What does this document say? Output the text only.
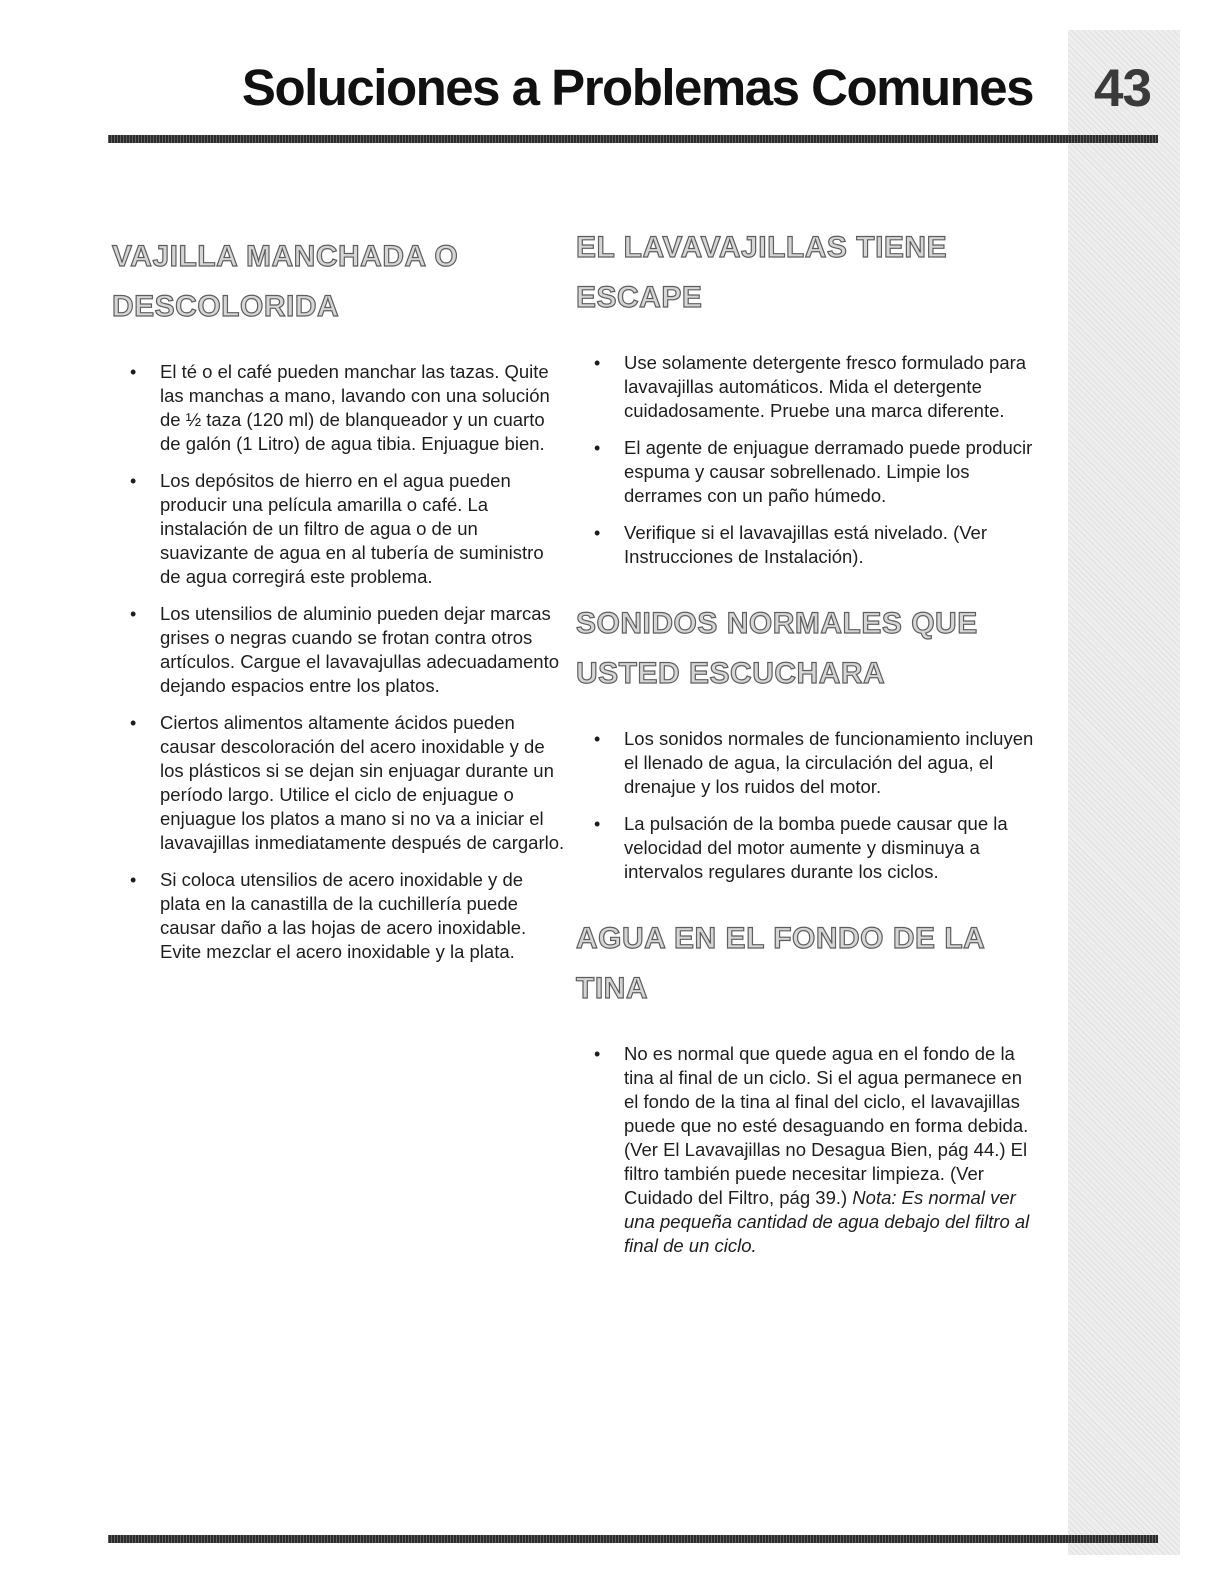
Soluciones a Problemas Comunes 43
VAJILLA MANCHADA O DESCOLORIDA
• El té o el café pueden manchar las tazas. Quite las manchas a mano, lavando con una solución de ½ taza (120 ml) de blanqueador y un cuarto de galón (1 Litro) de agua tibia. Enjuague bien.
• Los depósitos de hierro en el agua pueden producir una película amarilla o café. La instalación de un filtro de agua o de un suavizante de agua en al tubería de suministro de agua corregirá este problema.
• Los utensilios de aluminio pueden dejar marcas grises o negras cuando se frotan contra otros artículos. Cargue el lavavajullas adecuadamento dejando espacios entre los platos.
• Ciertos alimentos altamente ácidos pueden causar descoloración del acero inoxidable y de los plásticos si se dejan sin enjuagar durante un período largo. Utilice el ciclo de enjuague o enjuague los platos a mano si no va a iniciar el lavavajillas inmediatamente después de cargarlo.
• Si coloca utensilios de acero inoxidable y de plata en la canastilla de la cuchillería puede causar daño a las hojas de acero inoxidable. Evite mezclar el acero inoxidable y la plata.
EL LAVAVAJILLAS TIENE ESCAPE
• Use solamente detergente fresco formulado para lavavajillas automáticos. Mida el detergente cuidadosamente. Pruebe una marca diferente.
• El agente de enjuague derramado puede producir espuma y causar sobrellenado. Limpie los derrames con un paño húmedo.
• Verifique si el lavavajillas está nivelado. (Ver Instrucciones de Instalación).
SONIDOS NORMALES QUE USTED ESCUCHARA
• Los sonidos normales de funcionamiento incluyen el llenado de agua, la circulación del agua, el drenajue y los ruidos del motor.
• La pulsación de la bomba puede causar que la velocidad del motor aumente y disminuya a intervalos regulares durante los ciclos.
AGUA EN EL FONDO DE LA TINA
• No es normal que quede agua en el fondo de la tina al final de un ciclo. Si el agua permanece en el fondo de la tina al final del ciclo, el lavavajillas puede que no esté desaguando en forma debida. (Ver El Lavavajillas no Desagua Bien, pág 44.) El filtro también puede necesitar limpieza. (Ver Cuidado del Filtro, pág 39.) Nota: Es normal ver una pequeña cantidad de agua debajo del filtro al final de un ciclo.
